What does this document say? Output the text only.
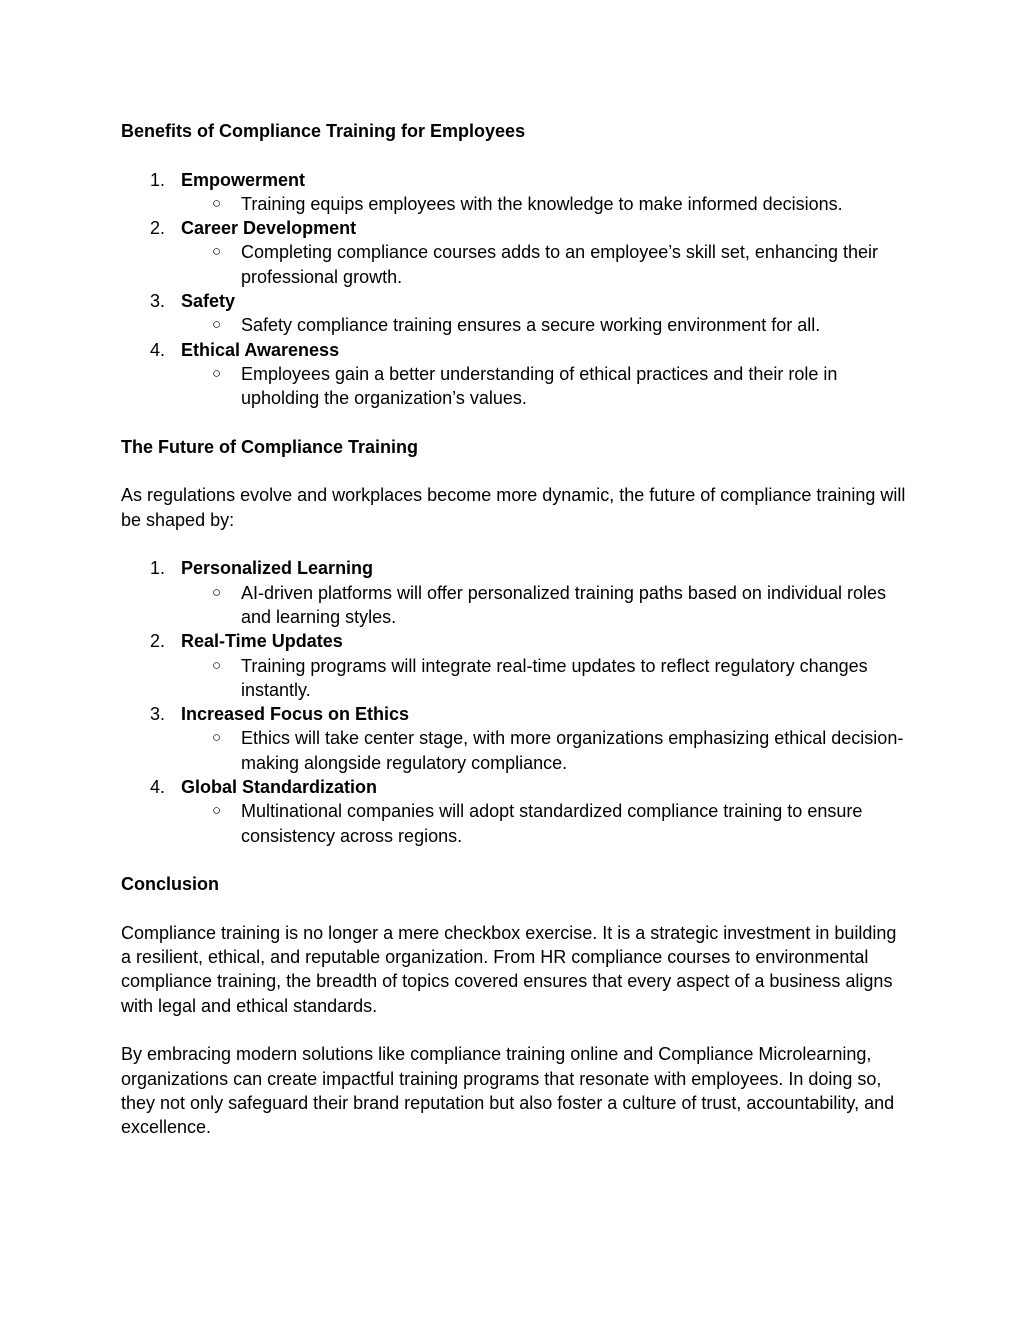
Benefits of Compliance Training for Employees

1. Empowerment
○ Training equips employees with the knowledge to make informed decisions.
2. Career Development
○ Completing compliance courses adds to an employee’s skill set, enhancing their professional growth.
3. Safety
○ Safety compliance training ensures a secure working environment for all.
4. Ethical Awareness
○ Employees gain a better understanding of ethical practices and their role in upholding the organization’s values.

The Future of Compliance Training

As regulations evolve and workplaces become more dynamic, the future of compliance training will be shaped by:

1. Personalized Learning
○ AI-driven platforms will offer personalized training paths based on individual roles and learning styles.
2. Real-Time Updates
○ Training programs will integrate real-time updates to reflect regulatory changes instantly.
3. Increased Focus on Ethics
○ Ethics will take center stage, with more organizations emphasizing ethical decision-making alongside regulatory compliance.
4. Global Standardization
○ Multinational companies will adopt standardized compliance training to ensure consistency across regions.

Conclusion

Compliance training is no longer a mere checkbox exercise. It is a strategic investment in building a resilient, ethical, and reputable organization. From HR compliance courses to environmental compliance training, the breadth of topics covered ensures that every aspect of a business aligns with legal and ethical standards.

By embracing modern solutions like compliance training online and Compliance Microlearning, organizations can create impactful training programs that resonate with employees. In doing so, they not only safeguard their brand reputation but also foster a culture of trust, accountability, and excellence.
